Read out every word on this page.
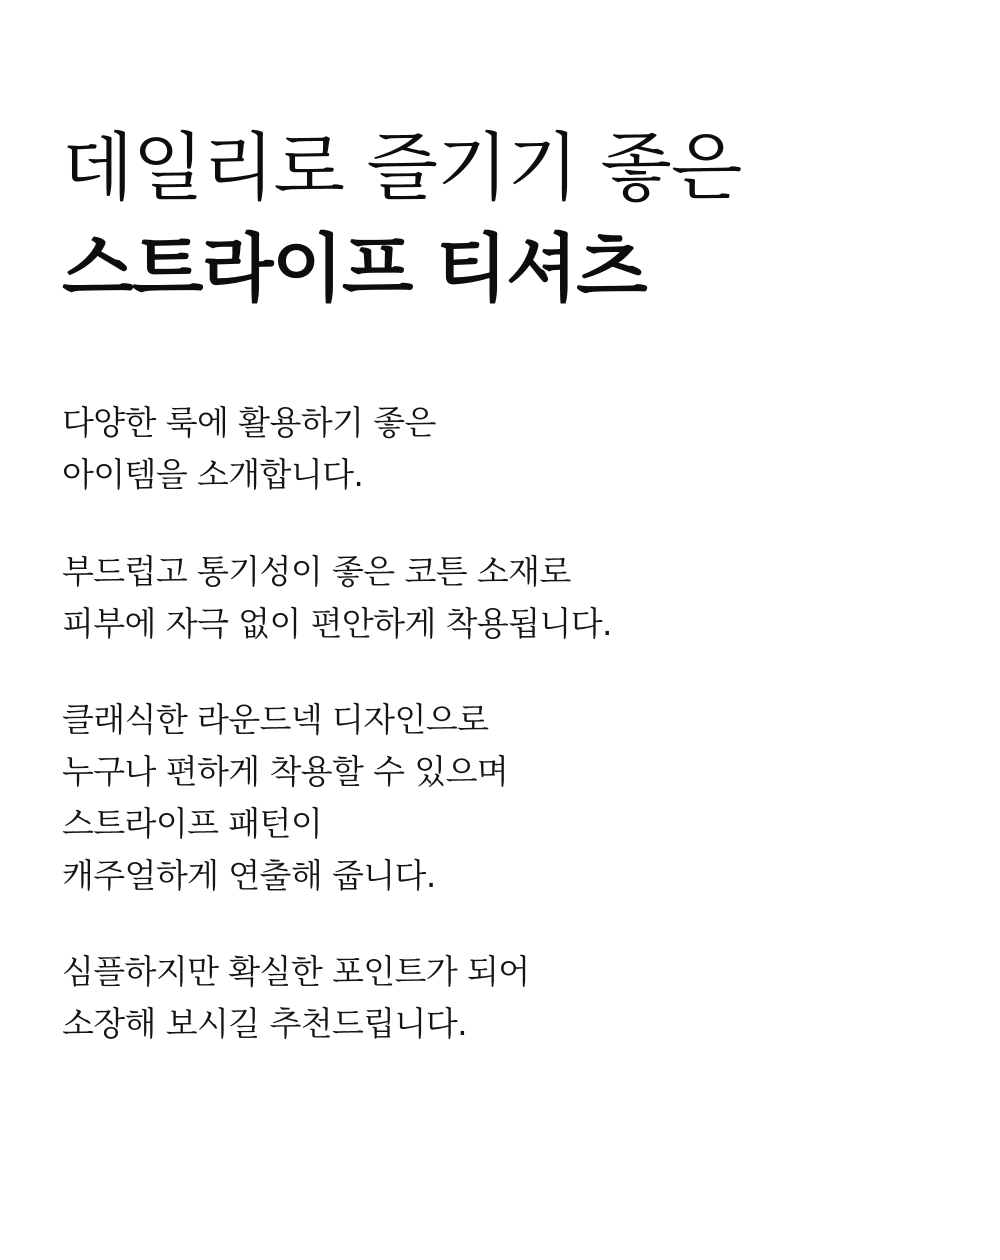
데일리로 즐기기 좋은
스트라이프 티셔츠
다양한 룩에 활용하기 좋은
아이템을 소개합니다.
부드럽고 통기성이 좋은 코튼 소재로
피부에 자극 없이 편안하게 착용됩니다.
클래식한 라운드넥 디자인으로
누구나 편하게 착용할 수 있으며
스트라이프 패턴이
캐주얼하게 연출해 줍니다.
심플하지만 확실한 포인트가 되어
소장해 보시길 추천드립니다.
